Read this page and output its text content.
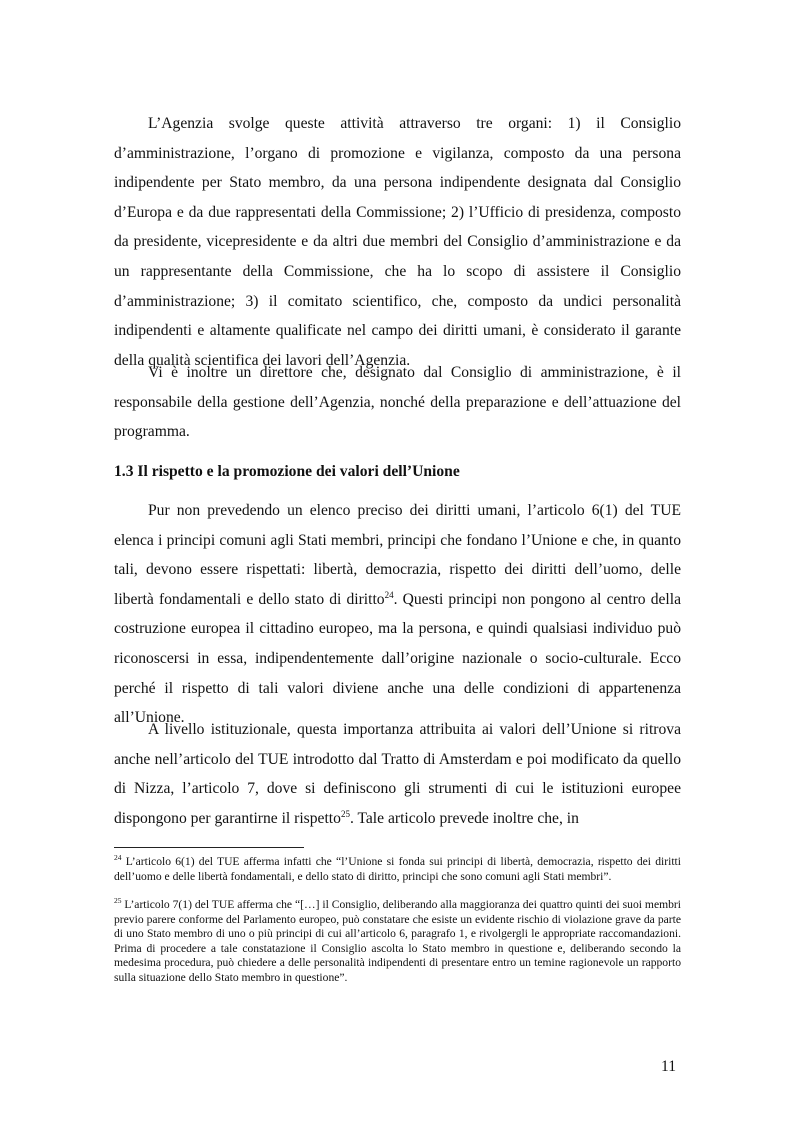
L’Agenzia svolge queste attività attraverso tre organi: 1) il Consiglio d’amministrazione, l’organo di promozione e vigilanza, composto da una persona indipendente per Stato membro, da una persona indipendente designata dal Consiglio d’Europa e da due rappresentati della Commissione; 2) l’Ufficio di presidenza, composto da presidente, vicepresidente e da altri due membri del Consiglio d’amministrazione e da un rappresentante della Commissione, che ha lo scopo di assistere il Consiglio d’amministrazione; 3) il comitato scientifico, che, composto da undici personalità indipendenti e altamente qualificate nel campo dei diritti umani, è considerato il garante della qualità scientifica dei lavori dell’Agenzia.

Vi è inoltre un direttore che, designato dal Consiglio di amministrazione, è il responsabile della gestione dell’Agenzia, nonché della preparazione e dell’attuazione del programma.

1.3 Il rispetto e la promozione dei valori dell’Unione

Pur non prevedendo un elenco preciso dei diritti umani, l’articolo 6(1) del TUE elenca i principi comuni agli Stati membri, principi che fondano l’Unione e che, in quanto tali, devono essere rispettati: libertà, democrazia, rispetto dei diritti dell’uomo, delle libertà fondamentali e dello stato di diritto$^{24}$. Questi principi non pongono al centro della costruzione europea il cittadino europeo, ma la persona, e quindi qualsiasi individuo può riconoscersi in essa, indipendentemente dall’origine nazionale o socio-culturale. Ecco perché il rispetto di tali valori diviene anche una delle condizioni di appartenenza all’Unione.

A livello istituzionale, questa importanza attribuita ai valori dell’Unione si ritrova anche nell’articolo del TUE introdotto dal Tratto di Amsterdam e poi modificato da quello di Nizza, l’articolo 7, dove si definiscono gli strumenti di cui le istituzioni europee dispongono per garantirne il rispetto$^{25}$. Tale articolo prevede inoltre che, in

$^{24}$ L’articolo 6(1) del TUE afferma infatti che “l’Unione si fonda sui principi di libertà, democrazia, rispetto dei diritti dell’uomo e delle libertà fondamentali, e dello stato di diritto, principi che sono comuni agli Stati membri”.

$^{25}$ L’articolo 7(1) del TUE afferma che “[…] il Consiglio, deliberando alla maggioranza dei quattro quinti dei suoi membri previo parere conforme del Parlamento europeo, può constatare che esiste un evidente rischio di violazione grave da parte di uno Stato membro di uno o più principi di cui all’articolo 6, paragrafo 1, e rivolgergli le appropriate raccomandazioni. Prima di procedere a tale constatazione il Consiglio ascolta lo Stato membro in questione e, deliberando secondo la medesima procedura, può chiedere a delle personalità indipendenti di presentare entro un temine ragionevole un rapporto sulla situazione dello Stato membro in questione”.

11
